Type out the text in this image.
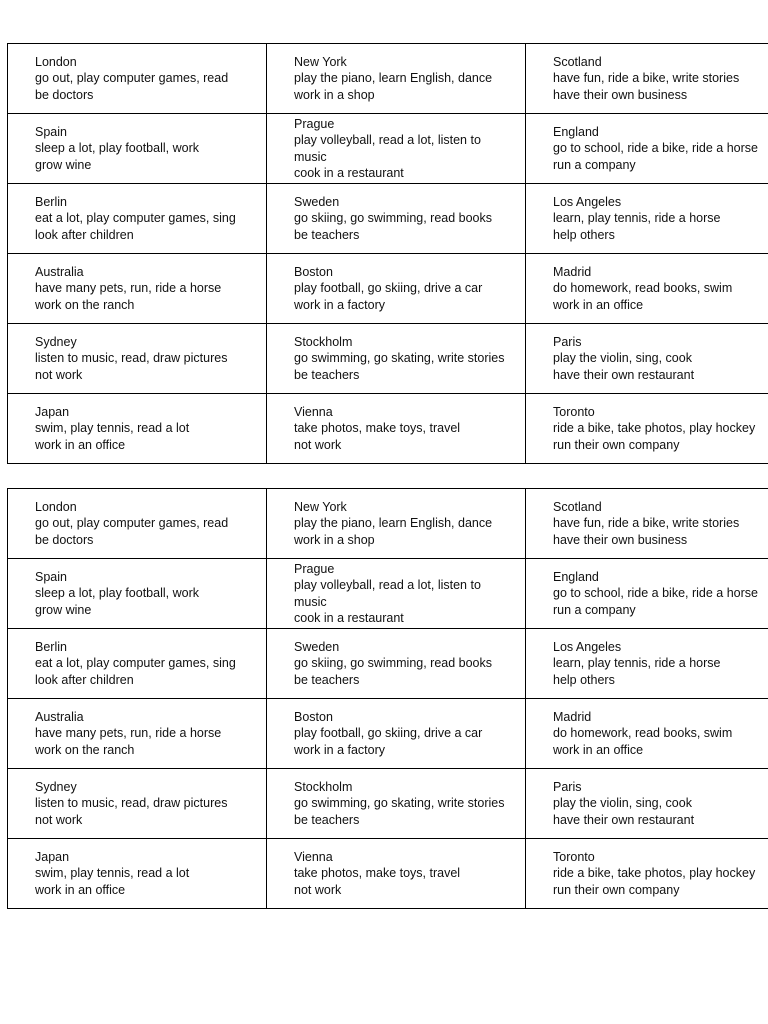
London
go out, play computer games, read
be doctors	New York
play the piano, learn English, dance
work in a shop	Scotland
have fun, ride a bike, write stories
have their own business

Spain
sleep a lot, play football, work
grow wine	Prague
play volleyball, read a lot, listen to music
cook in a restaurant	England
go to school, ride a bike, ride a horse
run a company

Berlin
eat a lot, play computer games, sing
look after children	Sweden
go skiing, go swimming, read books
be teachers	Los Angeles
learn, play tennis, ride a horse
help others

Australia
have many pets, run, ride a horse
work on the ranch	Boston
play football, go skiing, drive a car
work in a factory	Madrid
do homework, read books, swim
work in an office

Sydney
listen to music, read, draw pictures
not work	Stockholm
go swimming, go skating, write stories
be teachers	Paris
play the violin, sing, cook
have their own restaurant

Japan
swim, play tennis, read a lot
work in an office	Vienna
take photos, make toys, travel
not work	Toronto
ride a bike, take photos, play hockey
run their own company
London
go out, play computer games, read
be doctors	New York
play the piano, learn English, dance
work in a shop	Scotland
have fun, ride a bike, write stories
have their own business

Spain
sleep a lot, play football, work
grow wine	Prague
play volleyball, read a lot, listen to music
cook in a restaurant	England
go to school, ride a bike, ride a horse
run a company

Berlin
eat a lot, play computer games, sing
look after children	Sweden
go skiing, go swimming, read books
be teachers	Los Angeles
learn, play tennis, ride a horse
help others

Australia
have many pets, run, ride a horse
work on the ranch	Boston
play football, go skiing, drive a car
work in a factory	Madrid
do homework, read books, swim
work in an office

Sydney
listen to music, read, draw pictures
not work	Stockholm
go swimming, go skating, write stories
be teachers	Paris
play the violin, sing, cook
have their own restaurant

Japan
swim, play tennis, read a lot
work in an office	Vienna
take photos, make toys, travel
not work	Toronto
ride a bike, take photos, play hockey
run their own company
